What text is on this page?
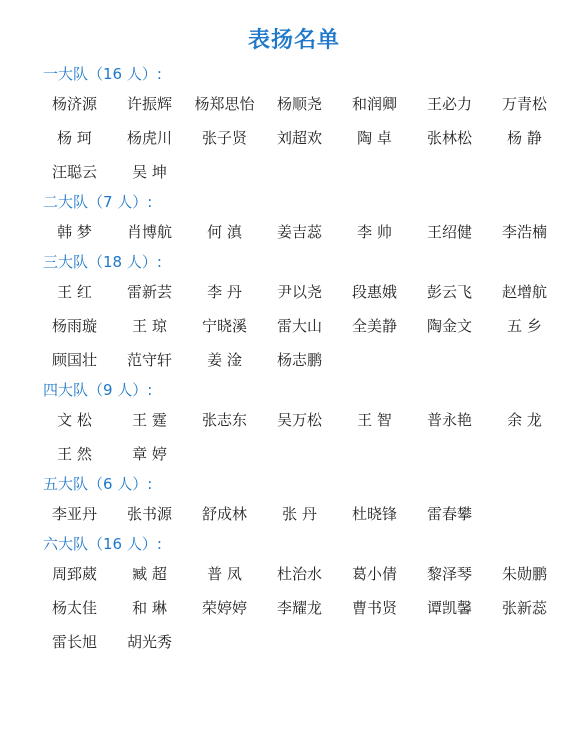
表扬名单
一大队（16 人）:
杨济源	许振辉	杨郑思怡	杨顺尧	和润卿	王必力	万青松
杨 珂	杨虎川	张子贤	刘超欢	陶 卓	张林松	杨 静
汪聪云	吴 坤
二大队（7 人）:
韩 梦	肖博航	何 滇	姜吉蕊	李 帅	王绍健	李浩楠
三大队（18 人）:
王 红	雷新芸	李 丹	尹以尧	段惠娥	彭云飞	赵增航
杨雨璇	王 琼	宁晓溪	雷大山	全美静	陶金文	五 乡
顾国壮	范守轩	姜 淦	杨志鹏
四大队（9 人）:
文 松	王 霆	张志东	吴万松	王 智	普永艳	余 龙
王 然	章 婷
五大队（6 人）:
李亚丹	张书源	舒成林	张 丹	杜晓锋	雷春攀
六大队（16 人）:
周郅葳	臧 超	普 凤	杜治水	葛小倩	黎泽琴	朱勋鹏
杨太佳	和 琳	荣婷婷	李耀龙	曹书贤	谭凯馨	张新蕊
雷长旭	胡光秀
